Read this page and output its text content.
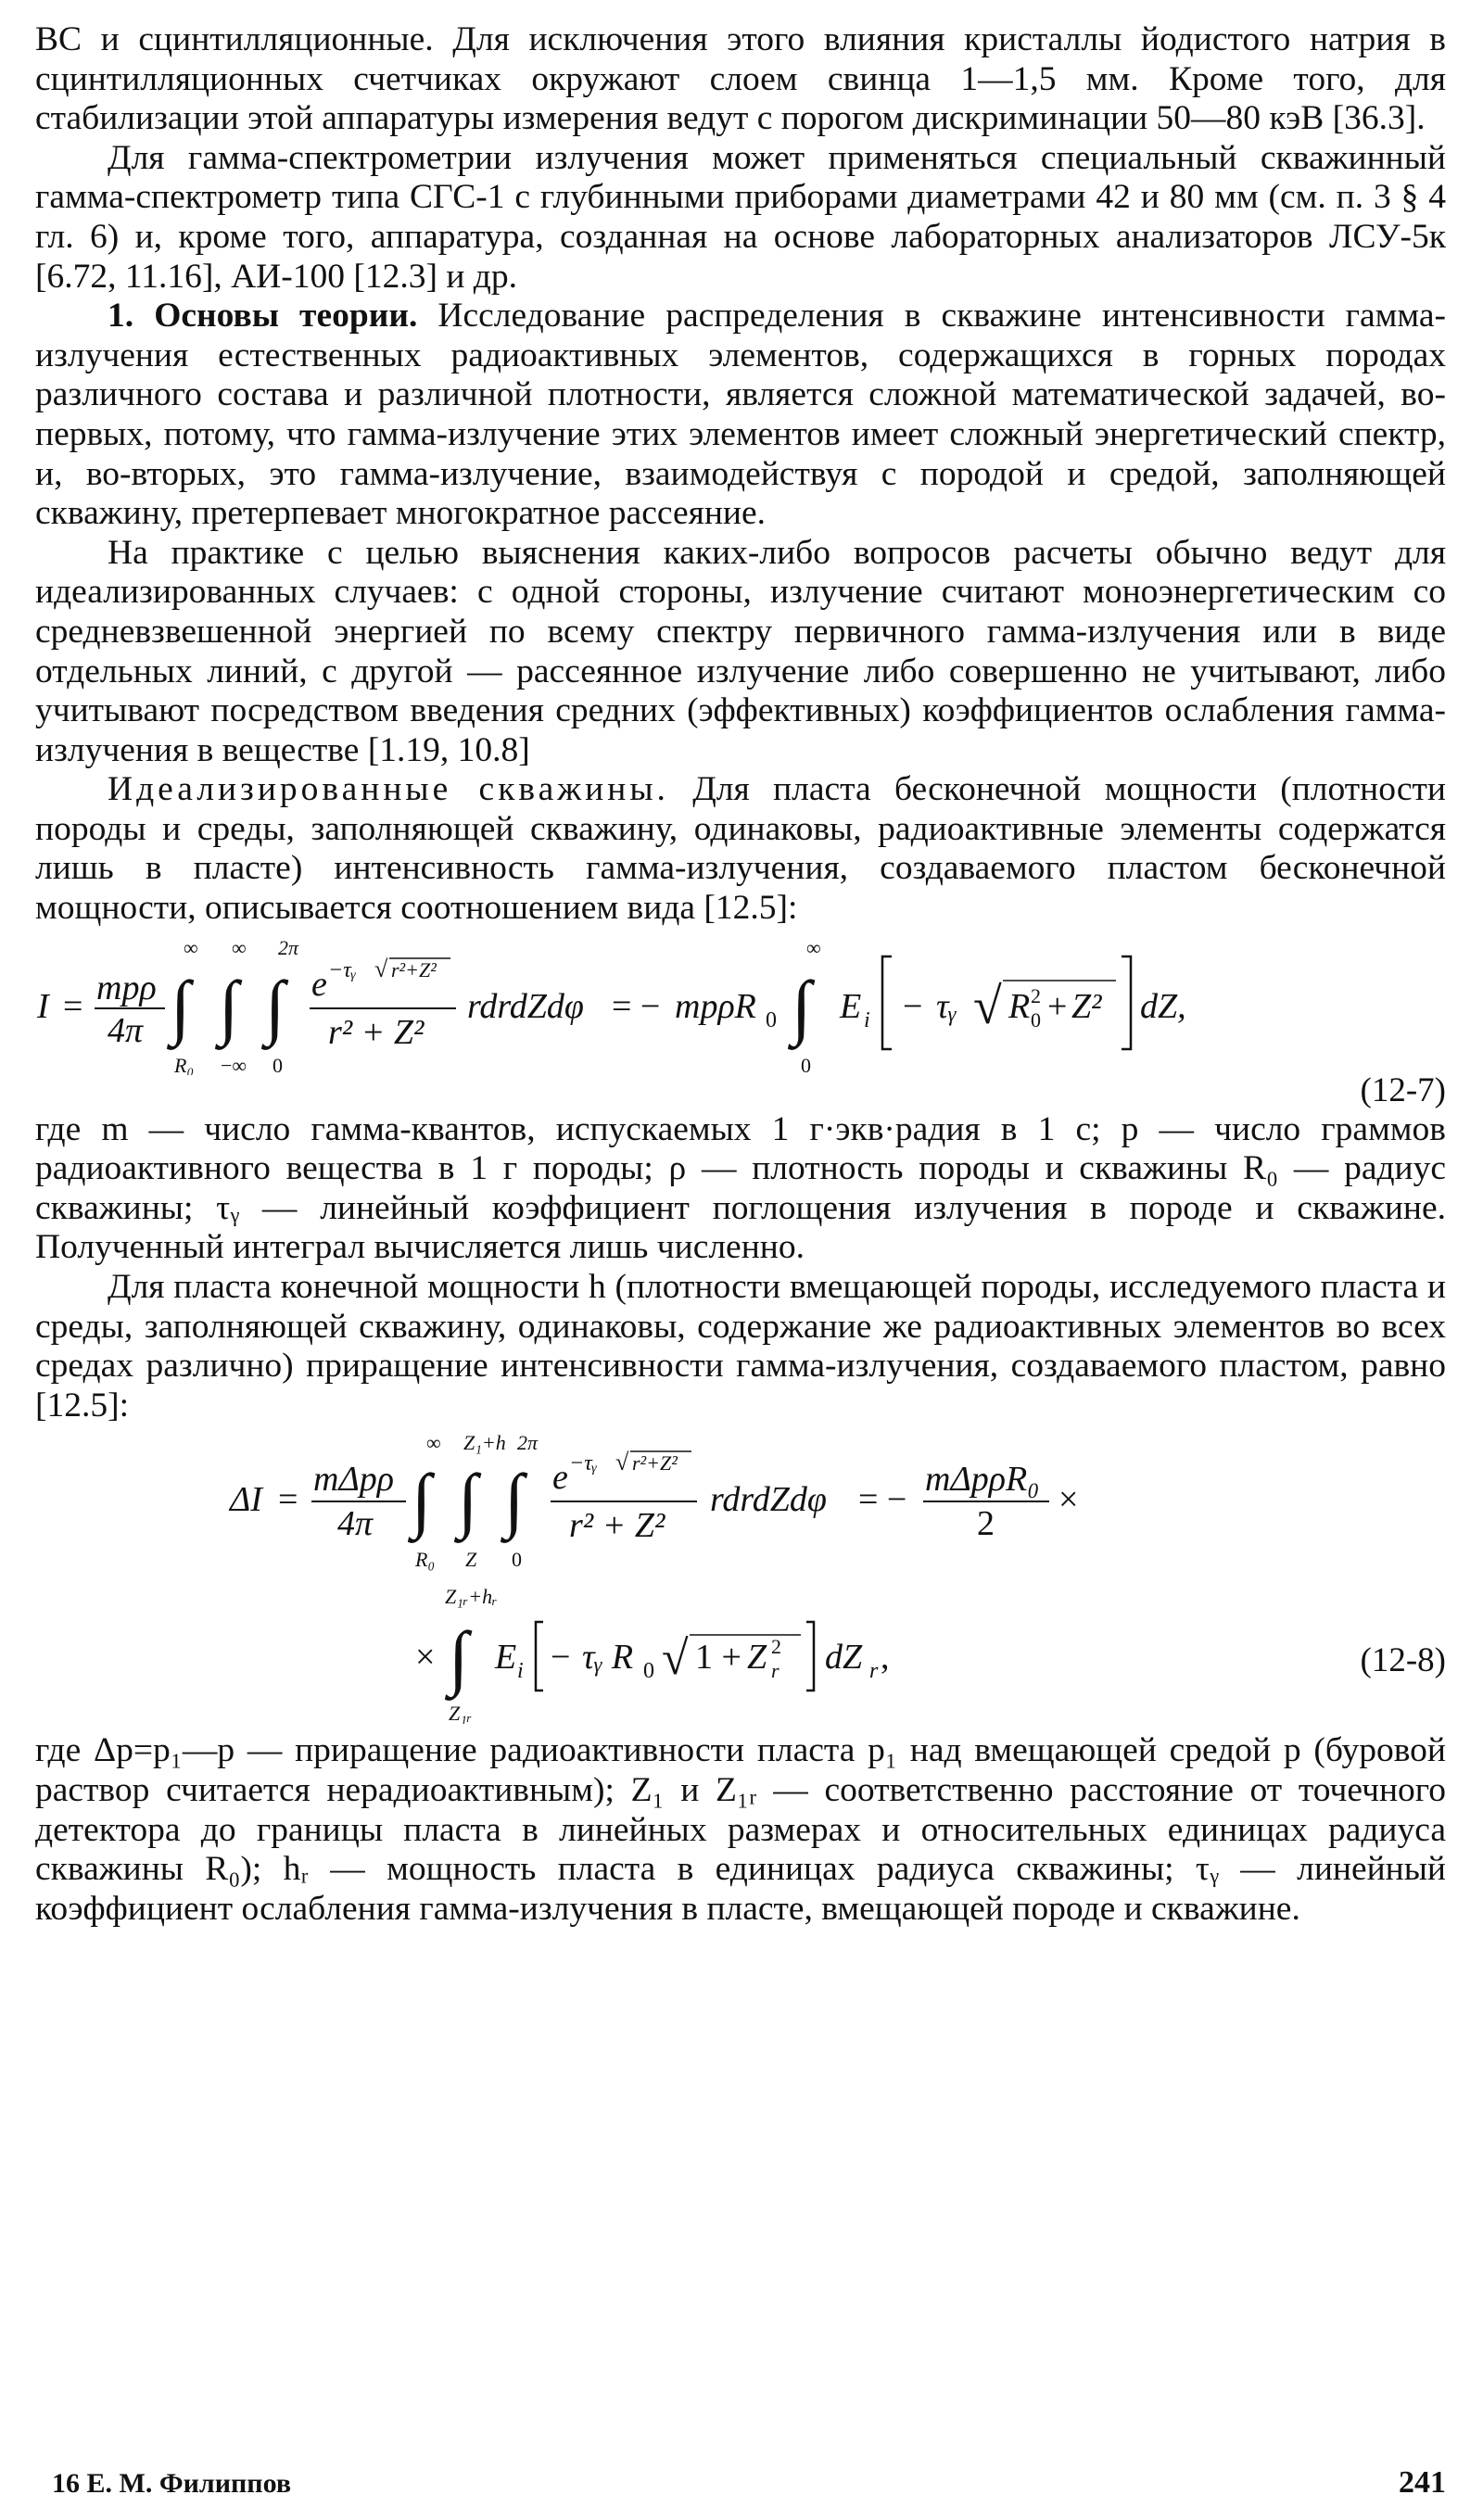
ВС и сцинтилляционные. Для исключения этого влияния кристаллы йодистого натрия в сцинтилляционных счетчиках окружают слоем свинца 1—1,5 мм. Кроме того, для стабилизации этой аппаратуры измерения ведут с порогом дискриминации 50—80 кэВ [36.3].

Для гамма-спектрометрии излучения может применяться специальный скважинный гамма-спектрометр типа СГС-1 с глубинными приборами диаметрами 42 и 80 мм (см. п. 3 § 4 гл. 6) и, кроме того, аппаратура, созданная на основе лабораторных анализаторов ЛСУ-5к [6.72, 11.16], АИ-100 [12.3] и др.

1. Основы теории. Исследование распределения в скважине интенсивности гамма-излучения естественных радиоактивных элементов, содержащихся в горных породах различного состава и различной плотности, является сложной математической задачей, во-первых, потому, что гамма-излучение этих элементов имеет сложный энергетический спектр, и, во-вторых, это гамма-излучение, взаимодействуя с породой и средой, заполняющей скважину, претерпевает многократное рассеяние.

На практике с целью выяснения каких-либо вопросов расчеты обычно ведут для идеализированных случаев: с одной стороны, излучение считают моноэнергетическим со средневзвешенной энергией по всему спектру первичного гамма-излучения или в виде отдельных линий, с другой — рассеянное излучение либо совершенно не учитывают, либо учитывают посредством введения средних (эффективных) коэффициентов ослабления гамма-излучения в веществе [1.19, 10.8]

Идеализированные скважины. Для пласта бесконечной мощности (плотности породы и среды, заполняющей скважину, одинаковы, радиоактивные элементы содержатся лишь в пласте) интенсивность гамма-излучения, создаваемого пластом бесконечной мощности, описывается соотношением вида [12.5]:

I = mpρ
4π ∫
∞
R₀
∫
∞
−∞
∫
2π
0
e −τᵧ √ r²+Z²
r² + Z²
rdrdZdφ = − mpρR 0 ∫
∞
0
E i − τᵧ √ R 2
0 + Z² dZ,
(12-7)

где m — число гамма-квантов, испускаемых 1 г·экв·радия в 1 с; p — число граммов радиоактивного вещества в 1 г породы; ρ — плотность породы и скважины R₀ — радиус скважины; τᵧ — линейный коэффициент поглощения излучения в породе и скважине. Полученный интеграл вычисляется лишь численно.

Для пласта конечной мощности h (плотности вмещающей породы, исследуемого пласта и среды, заполняющей скважину, одинаковы, содержание же радиоактивных элементов во всех средах различно) приращение интенсивности гамма-излучения, создаваемого пластом, равно [12.5]:

ΔI =
mΔpρ
4π ∫
∞
R₀
∫
Z₁+h
Z
∫
2π
0
e −τᵧ √ r²+Z²
r² + Z²
rdrdZdφ = −
mΔpρR₀
2
×
× ∫
Z₁ᵣ+hᵣ
Z₁ᵣ
E i − τᵧ R 0 √ 1 + Z 2
r dZ r ,	(12-8)

где Δp=p₁—p — приращение радиоактивности пласта p₁ над вмещающей средой p (буровой раствор считается нерадиоактивным); Z₁ и Z₁ᵣ — соответственно расстояние от точечного детектора до границы пласта в линейных размерах и относительных единицах радиуса скважины R₀); hᵣ — мощность пласта в единицах радиуса скважины; τᵧ — линейный коэффициент ослабления гамма-излучения в пласте, вмещающей породе и скважине.

16 Е. М. Филиппов	241
